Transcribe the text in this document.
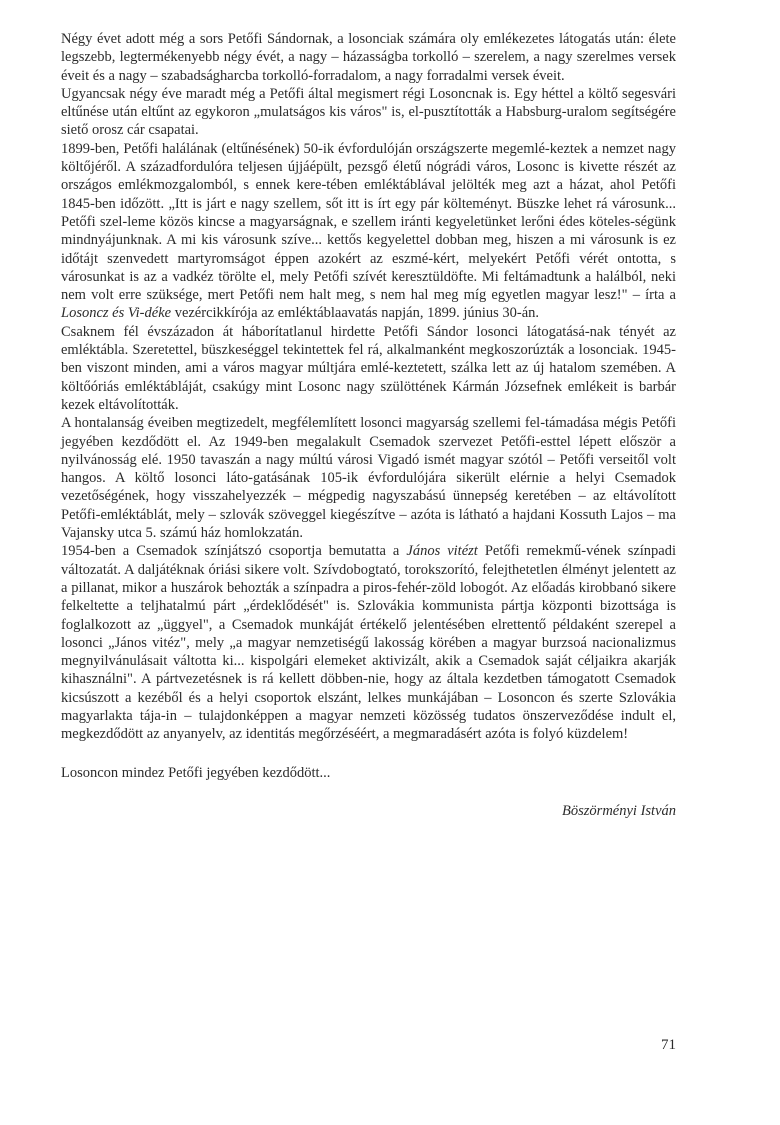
Négy évet adott még a sors Petőfi Sándornak, a losonciak számára oly emlékezetes látogatás után: élete legszebb, legtermékenyebb négy évét, a nagy – házasságba torkolló – szerelem, a nagy szerelmes versek éveit és a nagy – szabadságharcba torkolló-forradalom, a nagy forradalmi versek éveit.

Ugyancsak négy éve maradt még a Petőfi által megismert régi Losoncnak is. Egy héttel a költő segesvári eltűnése után eltűnt az egykoron „mulatságos kis város" is, el-pusztították a Habsburg-uralom segítségére siető orosz cár csapatai.

1899-ben, Petőfi halálának (eltűnésének) 50-ik évfordulóján országszerte megemlé-keztek a nemzet nagy költőjéről. A századfordulóra teljesen újjáépült, pezsgő életű nógrádi város, Losonc is kivette részét az országos emlékmozgalomból, s ennek kere-tében emléktáblával jelölték meg azt a házat, ahol Petőfi 1845-ben időzött. „Itt is járt e nagy szellem, sőt itt is írt egy pár költeményt. Büszke lehet rá városunk... Petőfi szel-leme közös kincse a magyarságnak, e szellem iránti kegyeletünket lerőni édes köteles-ségünk mindnyájunknak. A mi kis városunk szíve... kettős kegyelettel dobban meg, hiszen a mi városunk is ez időtájt szenvedett martyromságot éppen azokért az eszmé-kért, melyekért Petőfi vérét ontotta, s városunkat is az a vadkéz törölte el, mely Petőfi szívét keresztüldöfte. Mi feltámadtunk a halálból, neki nem volt erre szüksége, mert Petőfi nem halt meg, s nem hal meg míg egyetlen magyar lesz!" – írta a Losoncz és Vi-déke vezércikkírója az emléktáblaavatás napján, 1899. június 30-án.

Csaknem fél évszázadon át háborítatlanul hirdette Petőfi Sándor losonci látogatásá-nak tényét az emléktábla. Szeretettel, büszkeséggel tekintettek fel rá, alkalmanként megkoszorúzták a losonciak. 1945-ben viszont minden, ami a város magyar múltjára emlé-keztetett, szálka lett az új hatalom szemében. A költőóriás emléktábláját, csakúgy mint Losonc nagy szülöttének Kármán Józsefnek emlékeit is barbár kezek eltávolították.

A hontalanság éveiben megtizedelt, megfélemlített losonci magyarság szellemi fel-támadása mégis Petőfi jegyében kezdődött el. Az 1949-ben megalakult Csemadok szervezet Petőfi-esttel lépett először a nyilvánosság elé. 1950 tavaszán a nagy múltú városi Vigadó ismét magyar szótól – Petőfi verseitől volt hangos. A költő losonci láto-gatásának 105-ik évfordulójára sikerült elérnie a helyi Csemadok vezetőségének, hogy visszahelyezzék – mégpedig nagyszabású ünnepség keretében – az eltávolított Petőfi-emléktáblát, mely – szlovák szöveggel kiegészítve – azóta is látható a hajdani Kossuth Lajos – ma Vajansky utca 5. számú ház homlokzatán.

1954-ben a Csemadok színjátszó csoportja bemutatta a János vitézt Petőfi remekmű-vének színpadi változatát. A daljátéknak óriási sikere volt. Szívdobogtató, torokszorító, felejthetetlen élményt jelentett az a pillanat, mikor a huszárok behozták a színpadra a piros-fehér-zöld lobogót. Az előadás kirobbanó sikere felkeltette a teljhatalmú párt „érdeklődését" is. Szlovákia kommunista pártja központi bizottsága is foglalkozott az „üggyel", a Csemadok munkáját értékelő jelentésében elrettentő példaként szerepel a losonci „János vitéz", mely „a magyar nemzetiségű lakosság körében a magyar burzsoá nacionalizmus megnyilvánulásait váltotta ki... kispolgári elemeket aktivizált, akik a Csemadok saját céljaikra akarják kihasználni". A pártvezetésnek is rá kellett döbben-nie, hogy az általa kezdetben támogatott Csemadok kicsúszott a kezéből és a helyi csoportok elszánt, lelkes munkájában – Losoncon és szerte Szlovákia magyarlakta tája-in – tulajdonképpen a magyar nemzeti közösség tudatos önszerveződése indult el, megkezdődött az anyanyelv, az identitás megőrzéséért, a megmaradásért azóta is folyó küzdelem!

Losoncon mindez Petőfi jegyében kezdődött...

Böszörményi István
71
